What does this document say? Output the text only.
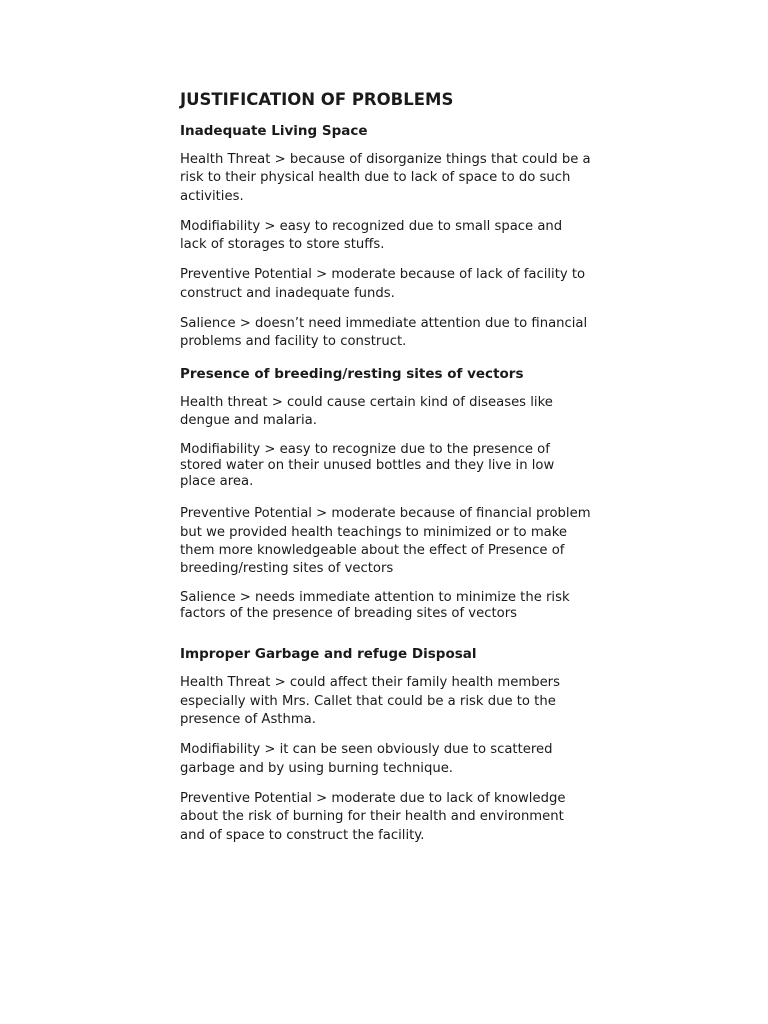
JUSTIFICATION OF PROBLEMS
Inadequate Living Space

Health Threat > because of disorganize things that could be a risk to their physical health due to lack of space to do such activities.

Modifiability > easy to recognized due to small space and lack of storages to store stuffs.

Preventive Potential > moderate because of lack of facility to construct and inadequate funds.

Salience > doesn’t need immediate attention due to financial problems and facility to construct.

Presence of breeding/resting sites of vectors

Health threat > could cause certain kind of diseases like dengue and malaria.

Modifiability > easy to recognize due to the presence of stored water on their unused bottles and they live in low place area.

Preventive Potential > moderate because of financial problem but we provided health teachings to minimized or to make them more knowledgeable about the effect of Presence of breeding/resting sites of vectors

Salience > needs immediate attention to minimize the risk factors of the presence of breading sites of vectors

Improper Garbage and refuge Disposal

Health Threat > could affect their family health members especially with Mrs. Callet that could be a risk due to the presence of Asthma.

Modifiability > it can be seen obviously due to scattered garbage and by using burning technique.

Preventive Potential > moderate due to lack of knowledge about the risk of burning for their health and environment and of space to construct the facility.
